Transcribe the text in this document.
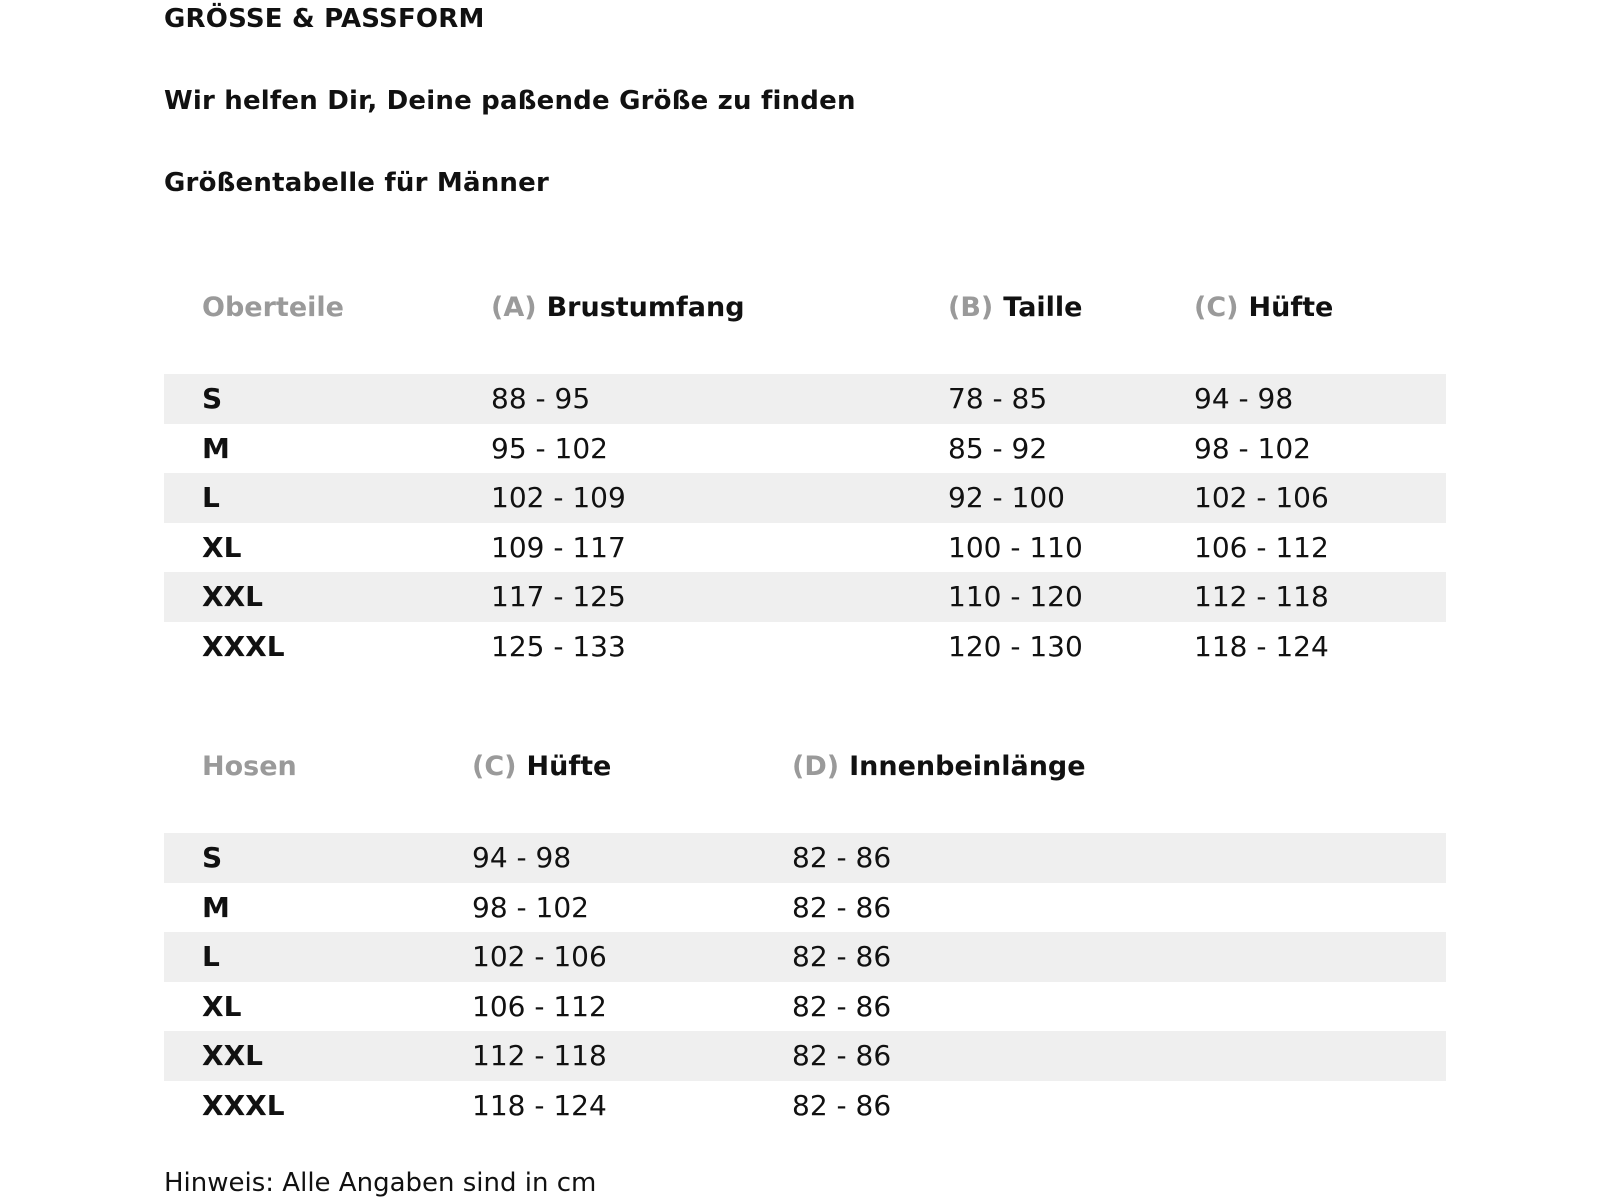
GRÖSSE & PASSFORM
Wir helfen Dir, Deine paßende Größe zu finden
Größentabelle für Männer
Oberteile	(A) Brustumfang	(B) Taille	(C) Hüfte
S	88 - 95	78 - 85	94 - 98
M	95 - 102	85 - 92	98 - 102
L	102 - 109	92 - 100	102 - 106
XL	109 - 117	100 - 110	106 - 112
XXL	117 - 125	110 - 120	112 - 118
XXXL	125 - 133	120 - 130	118 - 124
Hosen	(C) Hüfte	(D) Innenbeinlänge
S	94 - 98	82 - 86
M	98 - 102	82 - 86
L	102 - 106	82 - 86
XL	106 - 112	82 - 86
XXL	112 - 118	82 - 86
XXXL	118 - 124	82 - 86
Hinweis: Alle Angaben sind in cm
